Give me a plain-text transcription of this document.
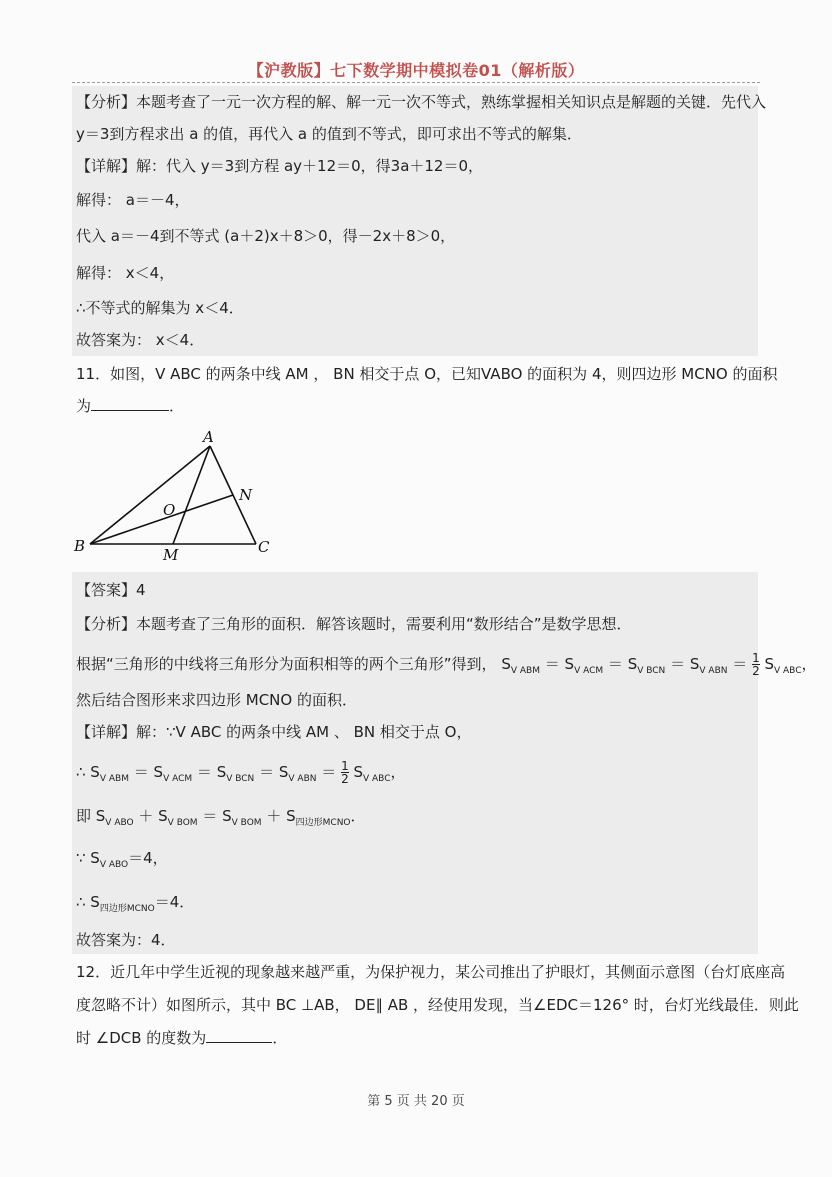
【沪教版】七下数学期中模拟卷01（解析版）
【分析】本题考查了一元一次方程的解、解一元一次不等式，熟练掌握相关知识点是解题的关键．先代入
y＝3到方程求出 a 的值，再代入 a 的值到不等式，即可求出不等式的解集．
【详解】解：代入 y＝3到方程 ay＋12＝0，得3a＋12＝0，
解得： a＝－4，
代入 a＝－4到不等式 (a＋2)x＋8＞0，得－2x＋8＞0，
解得： x＜4，
∴不等式的解集为 x＜4．
故答案为： x＜4．
11．如图，V ABC 的两条中线 AM ， BN 相交于点 O，已知VABO 的面积为 4，则四边形 MCNO 的面积
为	．
A
B	C
M
N
O
【答案】4
【分析】本题考查了三角形的面积．解答该题时，需要利用“数形结合”是数学思想．
根据“三角形的中线将三角形分为面积相等的两个三角形”得到， $S_{V ABM} = S_{V ACM} = S_{V BCN} = S_{V ABN} = \frac{1}{2} S_{V ABC}$，
然后结合图形来求四边形 MCNO 的面积．
【详解】解：∵V ABC 的两条中线 AM 、 BN 相交于点 O，
∴ $S_{V ABM} = S_{V ACM} = S_{V BCN} = S_{V ABN} = \frac{1}{2} S_{V ABC}$，
即 $S_{V ABO} + S_{V BOM} = S_{V BOM} + S_{四边形MCNO}$．
∵ $S_{V ABO}=4$，
∴ $S_{四边形MCNO}=4$．
故答案为：4．
12．近几年中学生近视的现象越来越严重，为保护视力，某公司推出了护眼灯，其侧面示意图（台灯底座高
度忽略不计）如图所示，其中 BC ⊥AB， DE∥ AB ，经使用发现，当∠EDC＝126° 时，台灯光线最佳．则此
时 ∠DCB 的度数为	．
第 5 页 共 20 页
